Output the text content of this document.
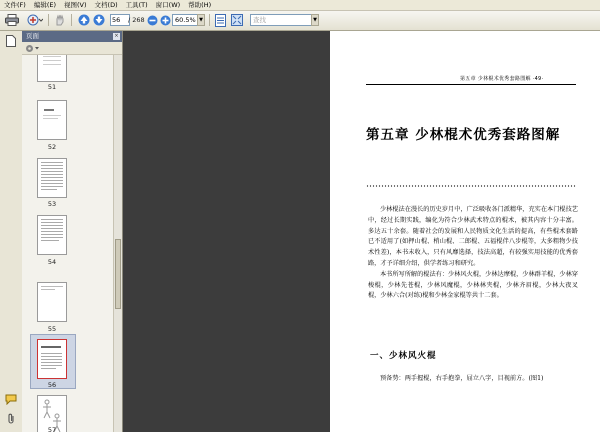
文件(F)	编辑(E)	视图(V)	文档(D)	工具(T)	窗口(W)	帮助(H)
56	/ 268	60.5% ▼	查找	▼
页面	×
51
52
53
54
55
56
57
第五章 少林棍术优秀套路图解 ·49·
第五章 少林棍术优秀套路图解

少林棍法在漫长的历史岁月中，广泛吸收各门派精华，充实在本门棍技艺中，经过长期实践，编化为符合少林武术特点的棍术，被其内容十分丰富。多达五十余套。随着社会的发展和人民物质文化生活的提高，有些棍术套路已不适用了(如押山棍、梢山棍、二郎棍、五福棍伴八步棍等，大多粗物少技术性差)，本书未收入，只有风靡选择，技法高超，有较强实用技能的优秀套路，才予详细介绍，供学者练习和研究。

本书所写所解的棍法有：少林风火棍，少林达摩棍，少林群羊棍，少林穿梭棍，少林先苍棍，少林风魔棍，少林林夹棍，少林齐眉棍，少林大夜叉棍，少林六合(对练)棍和少林金家棍等共十二套。

一、少林风火棍
预备势：两手握棍，右手抱拳，屈立八字，目视前方。(图1)
